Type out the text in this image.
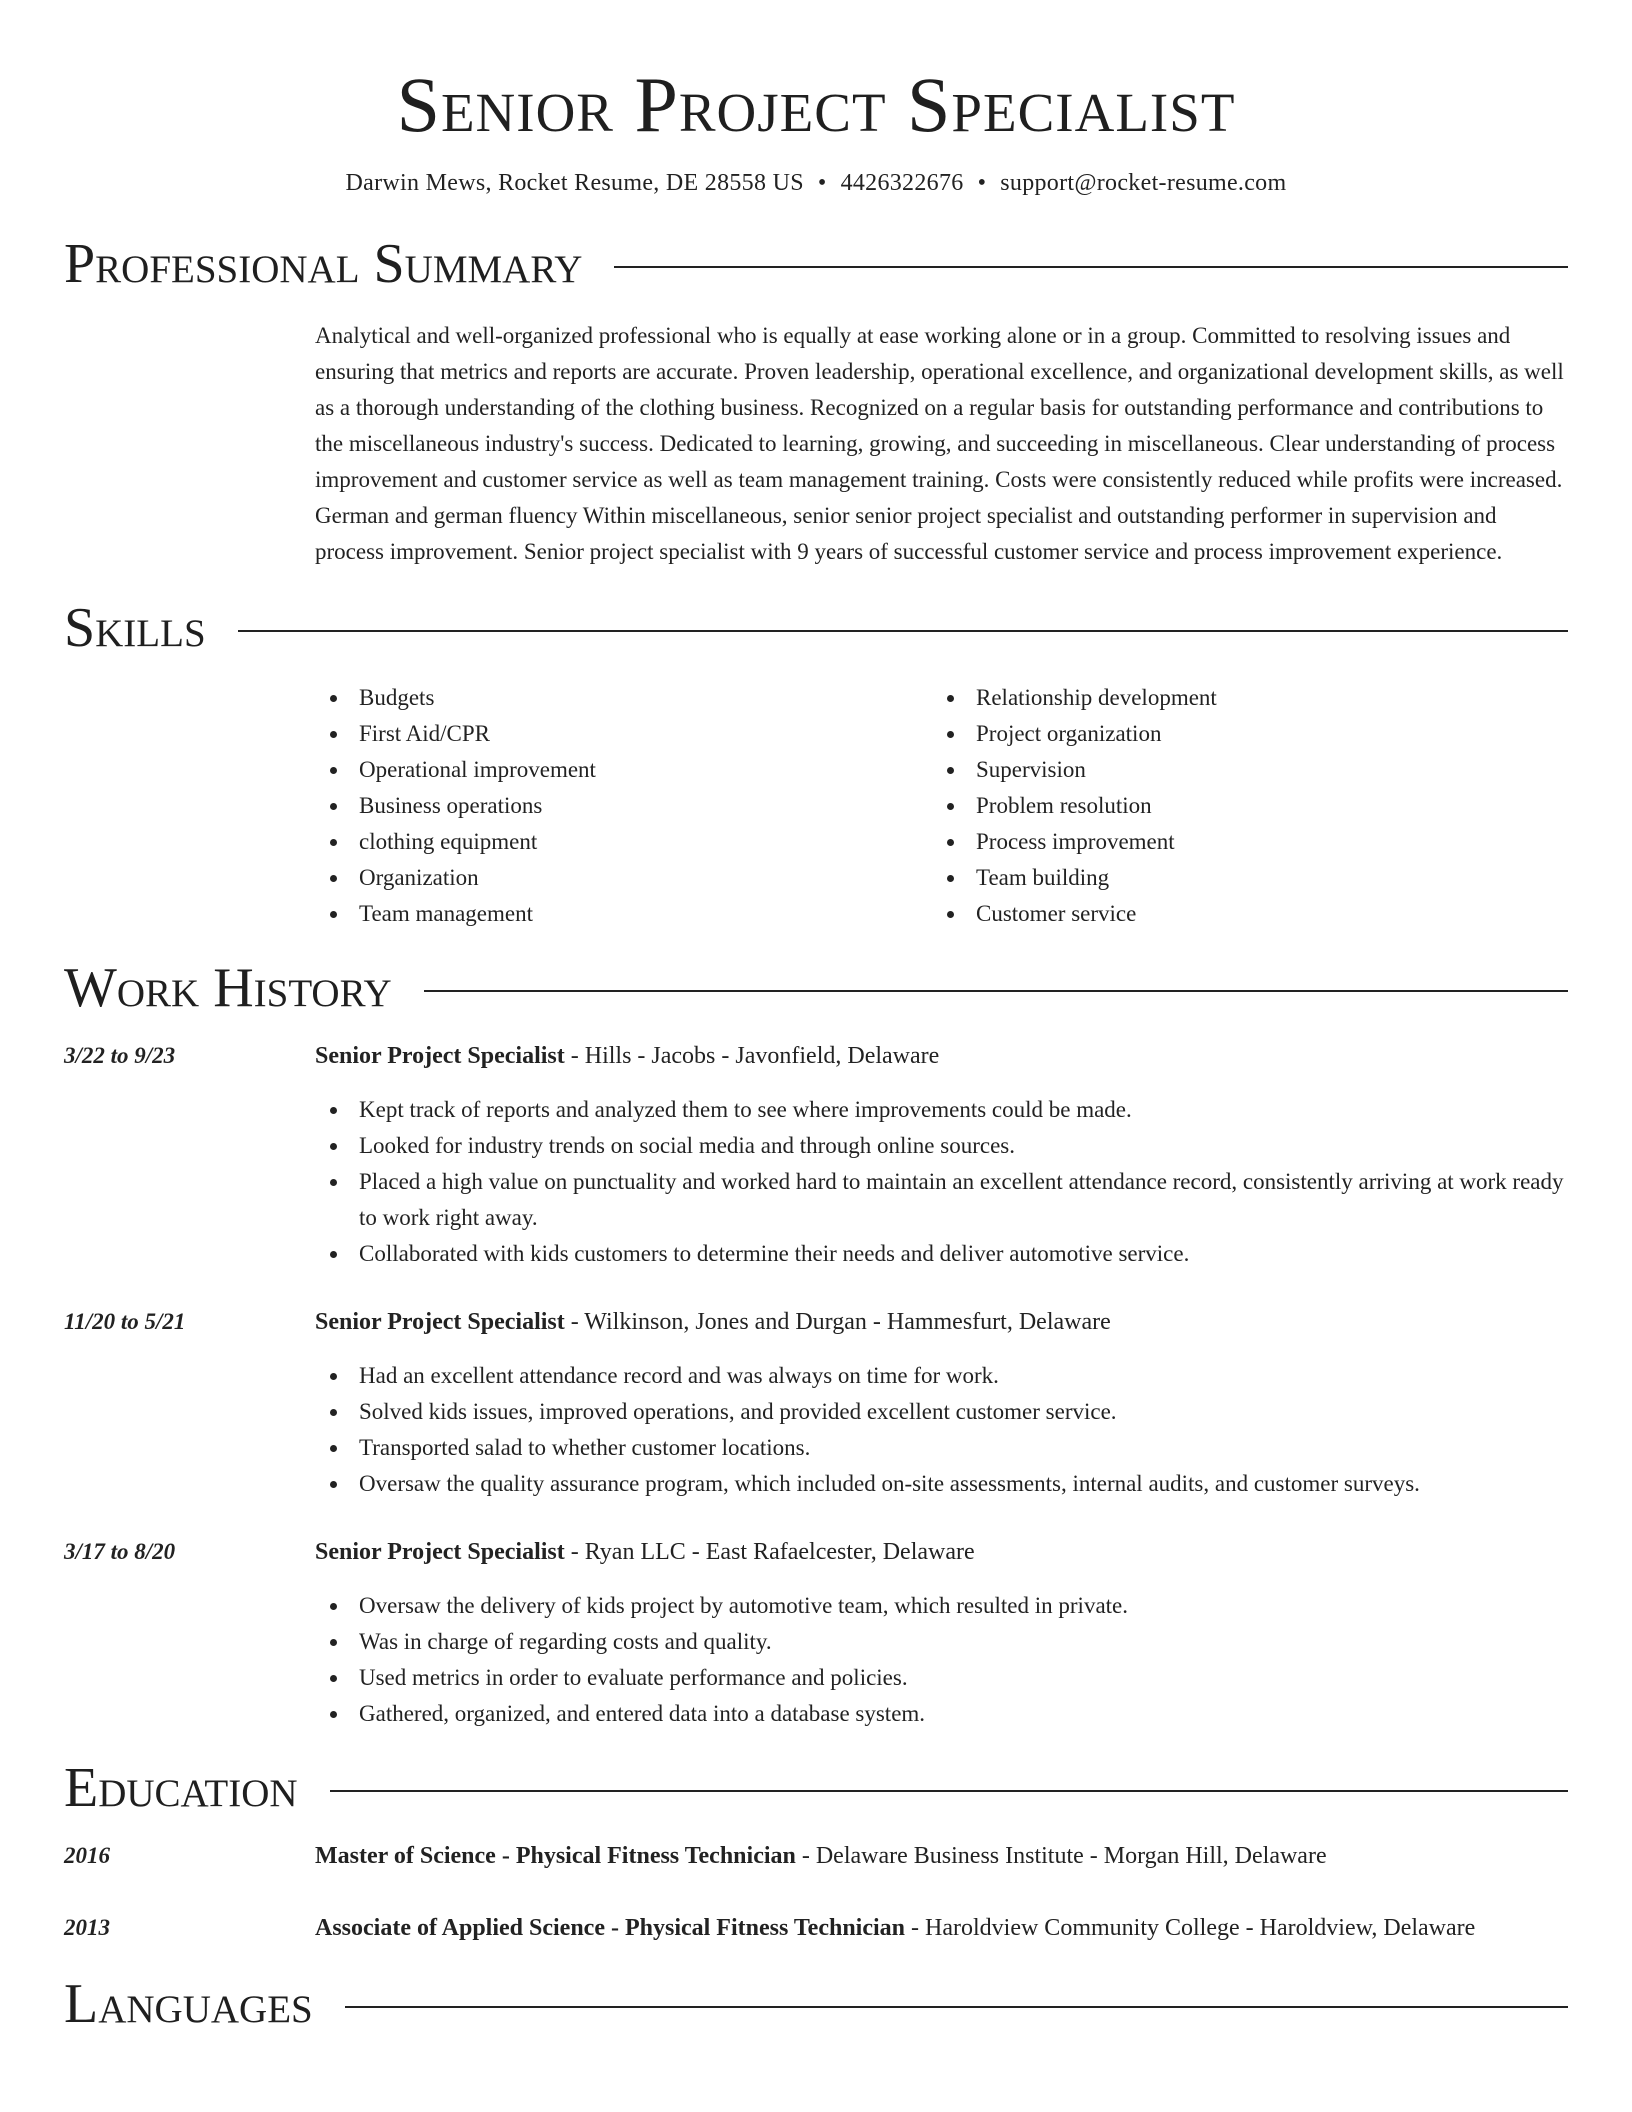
Senior Project Specialist
Darwin Mews, Rocket Resume, DE 28558 US • 4426322676 • support@rocket-resume.com
Professional Summary

Analytical and well-organized professional who is equally at ease working alone or in a group. Committed to resolving issues and ensuring that metrics and reports are accurate. Proven leadership, operational excellence, and organizational development skills, as well as a thorough understanding of the clothing business. Recognized on a regular basis for outstanding performance and contributions to the miscellaneous industry's success. Dedicated to learning, growing, and succeeding in miscellaneous. Clear understanding of process improvement and customer service as well as team management training. Costs were consistently reduced while profits were increased. German and german fluency Within miscellaneous, senior senior project specialist and outstanding performer in supervision and process improvement. Senior project specialist with 9 years of successful customer service and process improvement experience.

Skills
Budgets
First Aid/CPR
Operational improvement
Business operations
clothing equipment
Organization
Team management
Relationship development
Project organization
Supervision
Problem resolution
Process improvement
Team building
Customer service
Work History
3/22 to 9/23	Senior Project Specialist - Hills - Jacobs - Javonfield, Delaware
Kept track of reports and analyzed them to see where improvements could be made.
Looked for industry trends on social media and through online sources.
Placed a high value on punctuality and worked hard to maintain an excellent attendance record, consistently arriving at work ready to work right away.
Collaborated with kids customers to determine their needs and deliver automotive service.
11/20 to 5/21	Senior Project Specialist - Wilkinson, Jones and Durgan - Hammesfurt, Delaware
Had an excellent attendance record and was always on time for work.
Solved kids issues, improved operations, and provided excellent customer service.
Transported salad to whether customer locations.
Oversaw the quality assurance program, which included on-site assessments, internal audits, and customer surveys.
3/17 to 8/20	Senior Project Specialist - Ryan LLC - East Rafaelcester, Delaware
Oversaw the delivery of kids project by automotive team, which resulted in private.
Was in charge of regarding costs and quality.
Used metrics in order to evaluate performance and policies.
Gathered, organized, and entered data into a database system.
Education
2016	Master of Science - Physical Fitness Technician - Delaware Business Institute - Morgan Hill, Delaware
2013	Associate of Applied Science - Physical Fitness Technician - Haroldview Community College - Haroldview, Delaware
Languages
